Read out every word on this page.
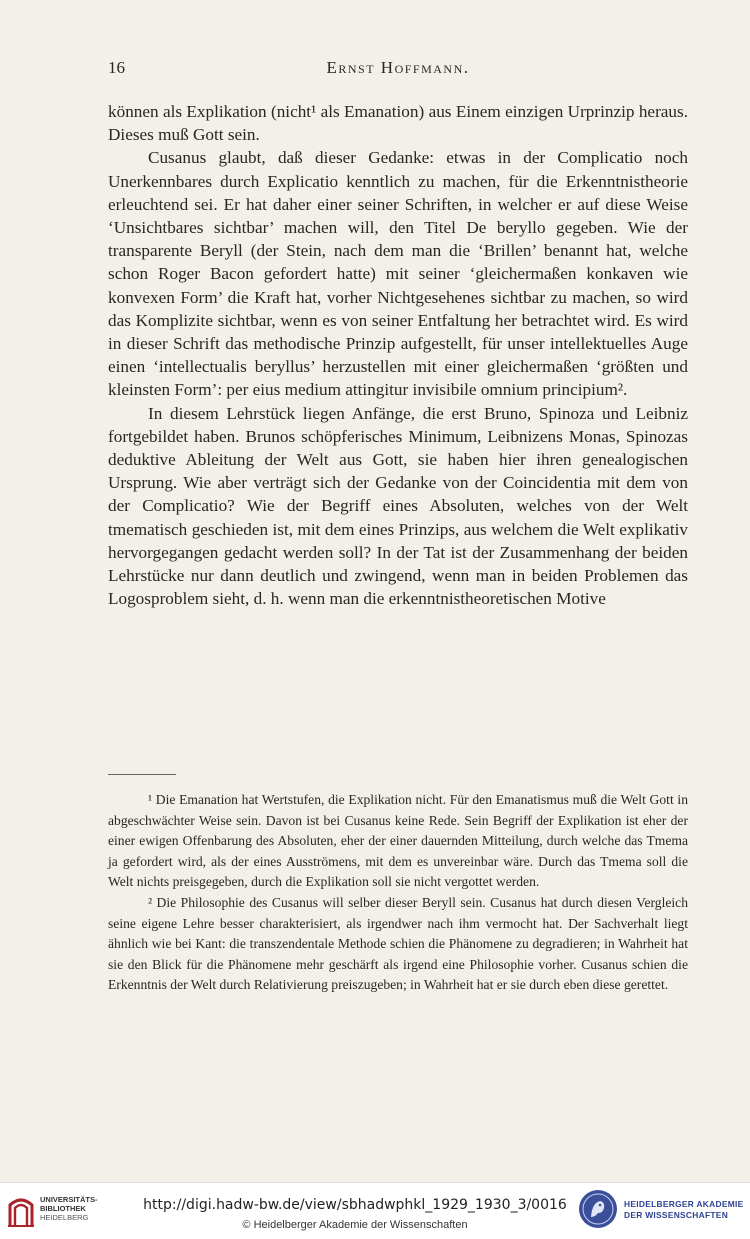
16	Ernst Hoffmann.

können als Explikation (nicht¹ als Emanation) aus Einem einzigen Urprinzip heraus. Dieses muß Gott sein.

Cusanus glaubt, daß dieser Gedanke: etwas in der Complicatio noch Unerkennbares durch Explicatio kenntlich zu machen, für die Erkenntnistheorie erleuchtend sei. Er hat daher einer seiner Schriften, in welcher er auf diese Weise ‘Unsichtbares sichtbar’ machen will, den Titel De beryllo gegeben. Wie der transparente Beryll (der Stein, nach dem man die ‘Brillen’ benannt hat, welche schon Roger Bacon gefordert hatte) mit seiner ‘gleichermaßen konkaven wie konvexen Form’ die Kraft hat, vorher Nichtgesehenes sichtbar zu machen, so wird das Komplizite sichtbar, wenn es von seiner Entfaltung her betrachtet wird. Es wird in dieser Schrift das methodische Prinzip aufgestellt, für unser intellektuelles Auge einen ‘intellectualis beryllus’ herzustellen mit einer gleichermaßen ‘größten und kleinsten Form’: per eius medium attingitur invisibile omnium principium².

In diesem Lehrstück liegen Anfänge, die erst Bruno, Spinoza und Leibniz fortgebildet haben. Brunos schöpferisches Minimum, Leibnizens Monas, Spinozas deduktive Ableitung der Welt aus Gott, sie haben hier ihren genealogischen Ursprung. Wie aber verträgt sich der Gedanke von der Coincidentia mit dem von der Complicatio? Wie der Begriff eines Absoluten, welches von der Welt tmematisch geschieden ist, mit dem eines Prinzips, aus welchem die Welt explikativ hervorgegangen gedacht werden soll? In der Tat ist der Zusammenhang der beiden Lehrstücke nur dann deutlich und zwingend, wenn man in beiden Problemen das Logosproblem sieht, d. h. wenn man die erkenntnistheoretischen Motive

¹ Die Emanation hat Wertstufen, die Explikation nicht. Für den Emanatismus muß die Welt Gott in abgeschwächter Weise sein. Davon ist bei Cusanus keine Rede. Sein Begriff der Explikation ist eher der einer ewigen Offenbarung des Absoluten, eher der einer dauernden Mitteilung, durch welche das Tmema ja gefordert wird, als der eines Ausströmens, mit dem es unvereinbar wäre. Durch das Tmema soll die Welt nichts preisgegeben, durch die Explikation soll sie nicht vergottet werden.

² Die Philosophie des Cusanus will selber dieser Beryll sein. Cusanus hat durch diesen Vergleich seine eigene Lehre besser charakterisiert, als irgendwer nach ihm vermocht hat. Der Sachverhalt liegt ähnlich wie bei Kant: die transzendentale Methode schien die Phänomene zu degradieren; in Wahrheit hat sie den Blick für die Phänomene mehr geschärft als irgend eine Philosophie vorher. Cusanus schien die Erkenntnis der Welt durch Relativierung preiszugeben; in Wahrheit hat er sie durch eben diese gerettet.

UNIVERSITÄTS-
BIBLIOTHEK
HEIDELBERG
http://digi.hadw-bw.de/view/sbhadwphkl_1929_1930_3/0016
© Heidelberger Akademie der Wissenschaften
HEIDELBERGER AKADEMIE
DER WISSENSCHAFTEN
